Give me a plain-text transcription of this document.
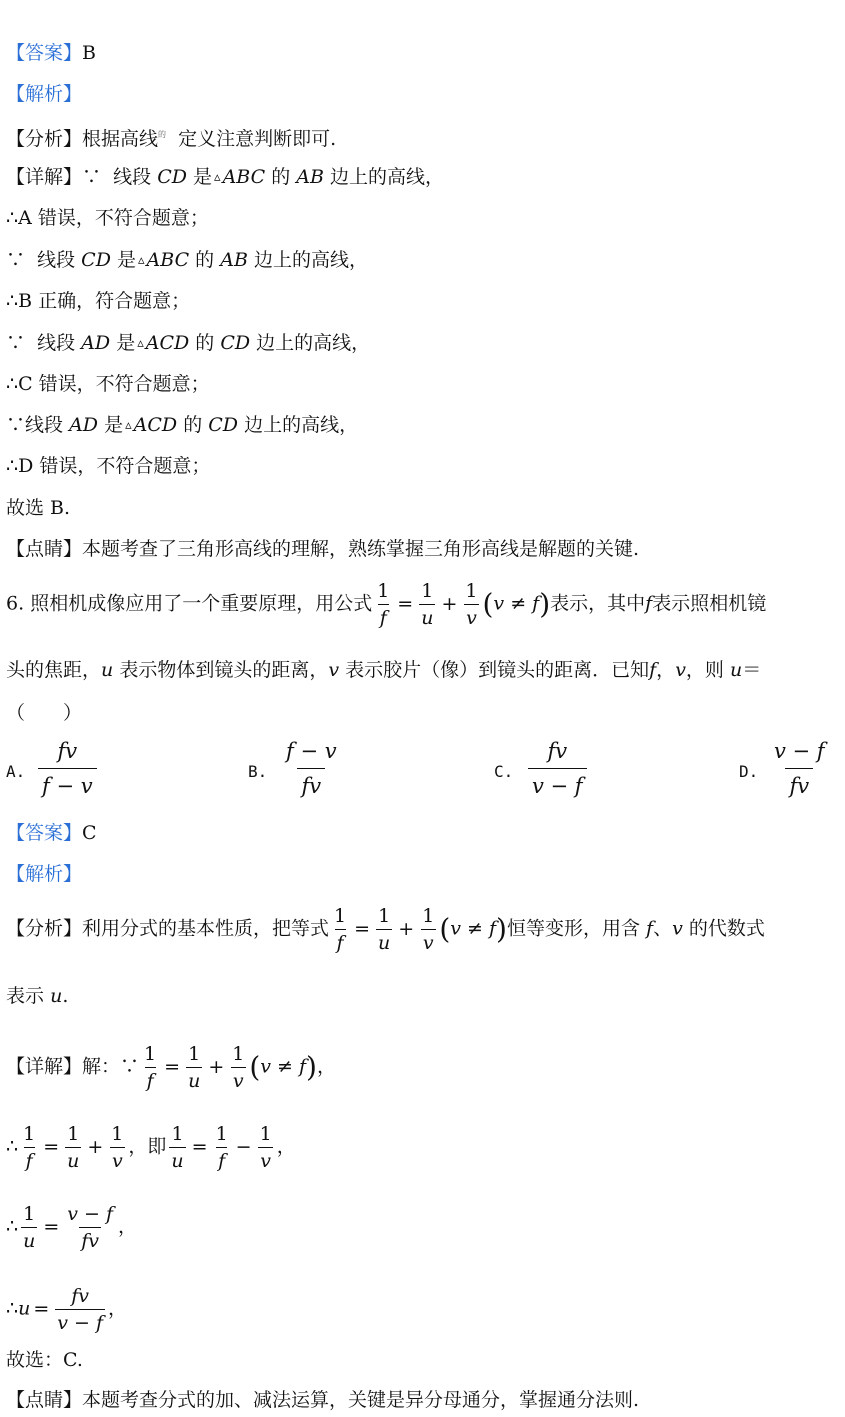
【答案】B
【解析】
【分析】根据高线$^的$ 定义注意判断即可.
【详解】∵ 线段 CD 是 ▵ ABC 的 AB 边上的高线，
∴A 错误，不符合题意；
∵ 线段 CD 是 ▵ ABC 的 AB 边上的高线，
∴B 正确，符合题意；
∵ 线段 AD 是 ▵ ACD 的 CD 边上的高线，
∴C 错误，不符合题意；
∵线段 AD 是 ▵ ACD 的 CD 边上的高线，
∴D 错误，不符合题意；
故选 B.
【点睛】本题考查了三角形高线的理解，熟练掌握三角形高线是解题的关键.
6. 照相机成像应用了一个重要原理，用公式 $\frac{1}{f} = \frac{1}{u} + \frac{1}{v} (v \ne f)$表示，其中f表示照相机镜
头的焦距，u 表示物体到镜头的距离，v 表示胶片（像）到镜头的距离．已知f，v，则 u＝
（　　）
A. $\frac{fv}{f - v}$	B. $\frac{f - v}{fv}$	C. $\frac{fv}{v - f}$	D. $\frac{v - f}{fv}$
【答案】C
【解析】
【分析】利用分式的基本性质，把等式 $\frac{1}{f} = \frac{1}{u} + \frac{1}{v} (v \ne f)$恒等变形，用含 f、v 的代数式
表示 u.
【详解】解：∵ $\frac{1}{f} = \frac{1}{u} + \frac{1}{v} (v \ne f)$，
∴ $\frac{1}{f} = \frac{1}{u} + \frac{1}{v}$ ，即 $\frac{1}{u} = \frac{1}{f} - \frac{1}{v}$ ，
∴ $\frac{1}{u} = \frac{v - f}{fv}$ ，
∴u = $\frac{fv}{v - f}$ ，
故选：C.
【点睛】本题考查分式的加、减法运算，关键是异分母通分，掌握通分法则.
